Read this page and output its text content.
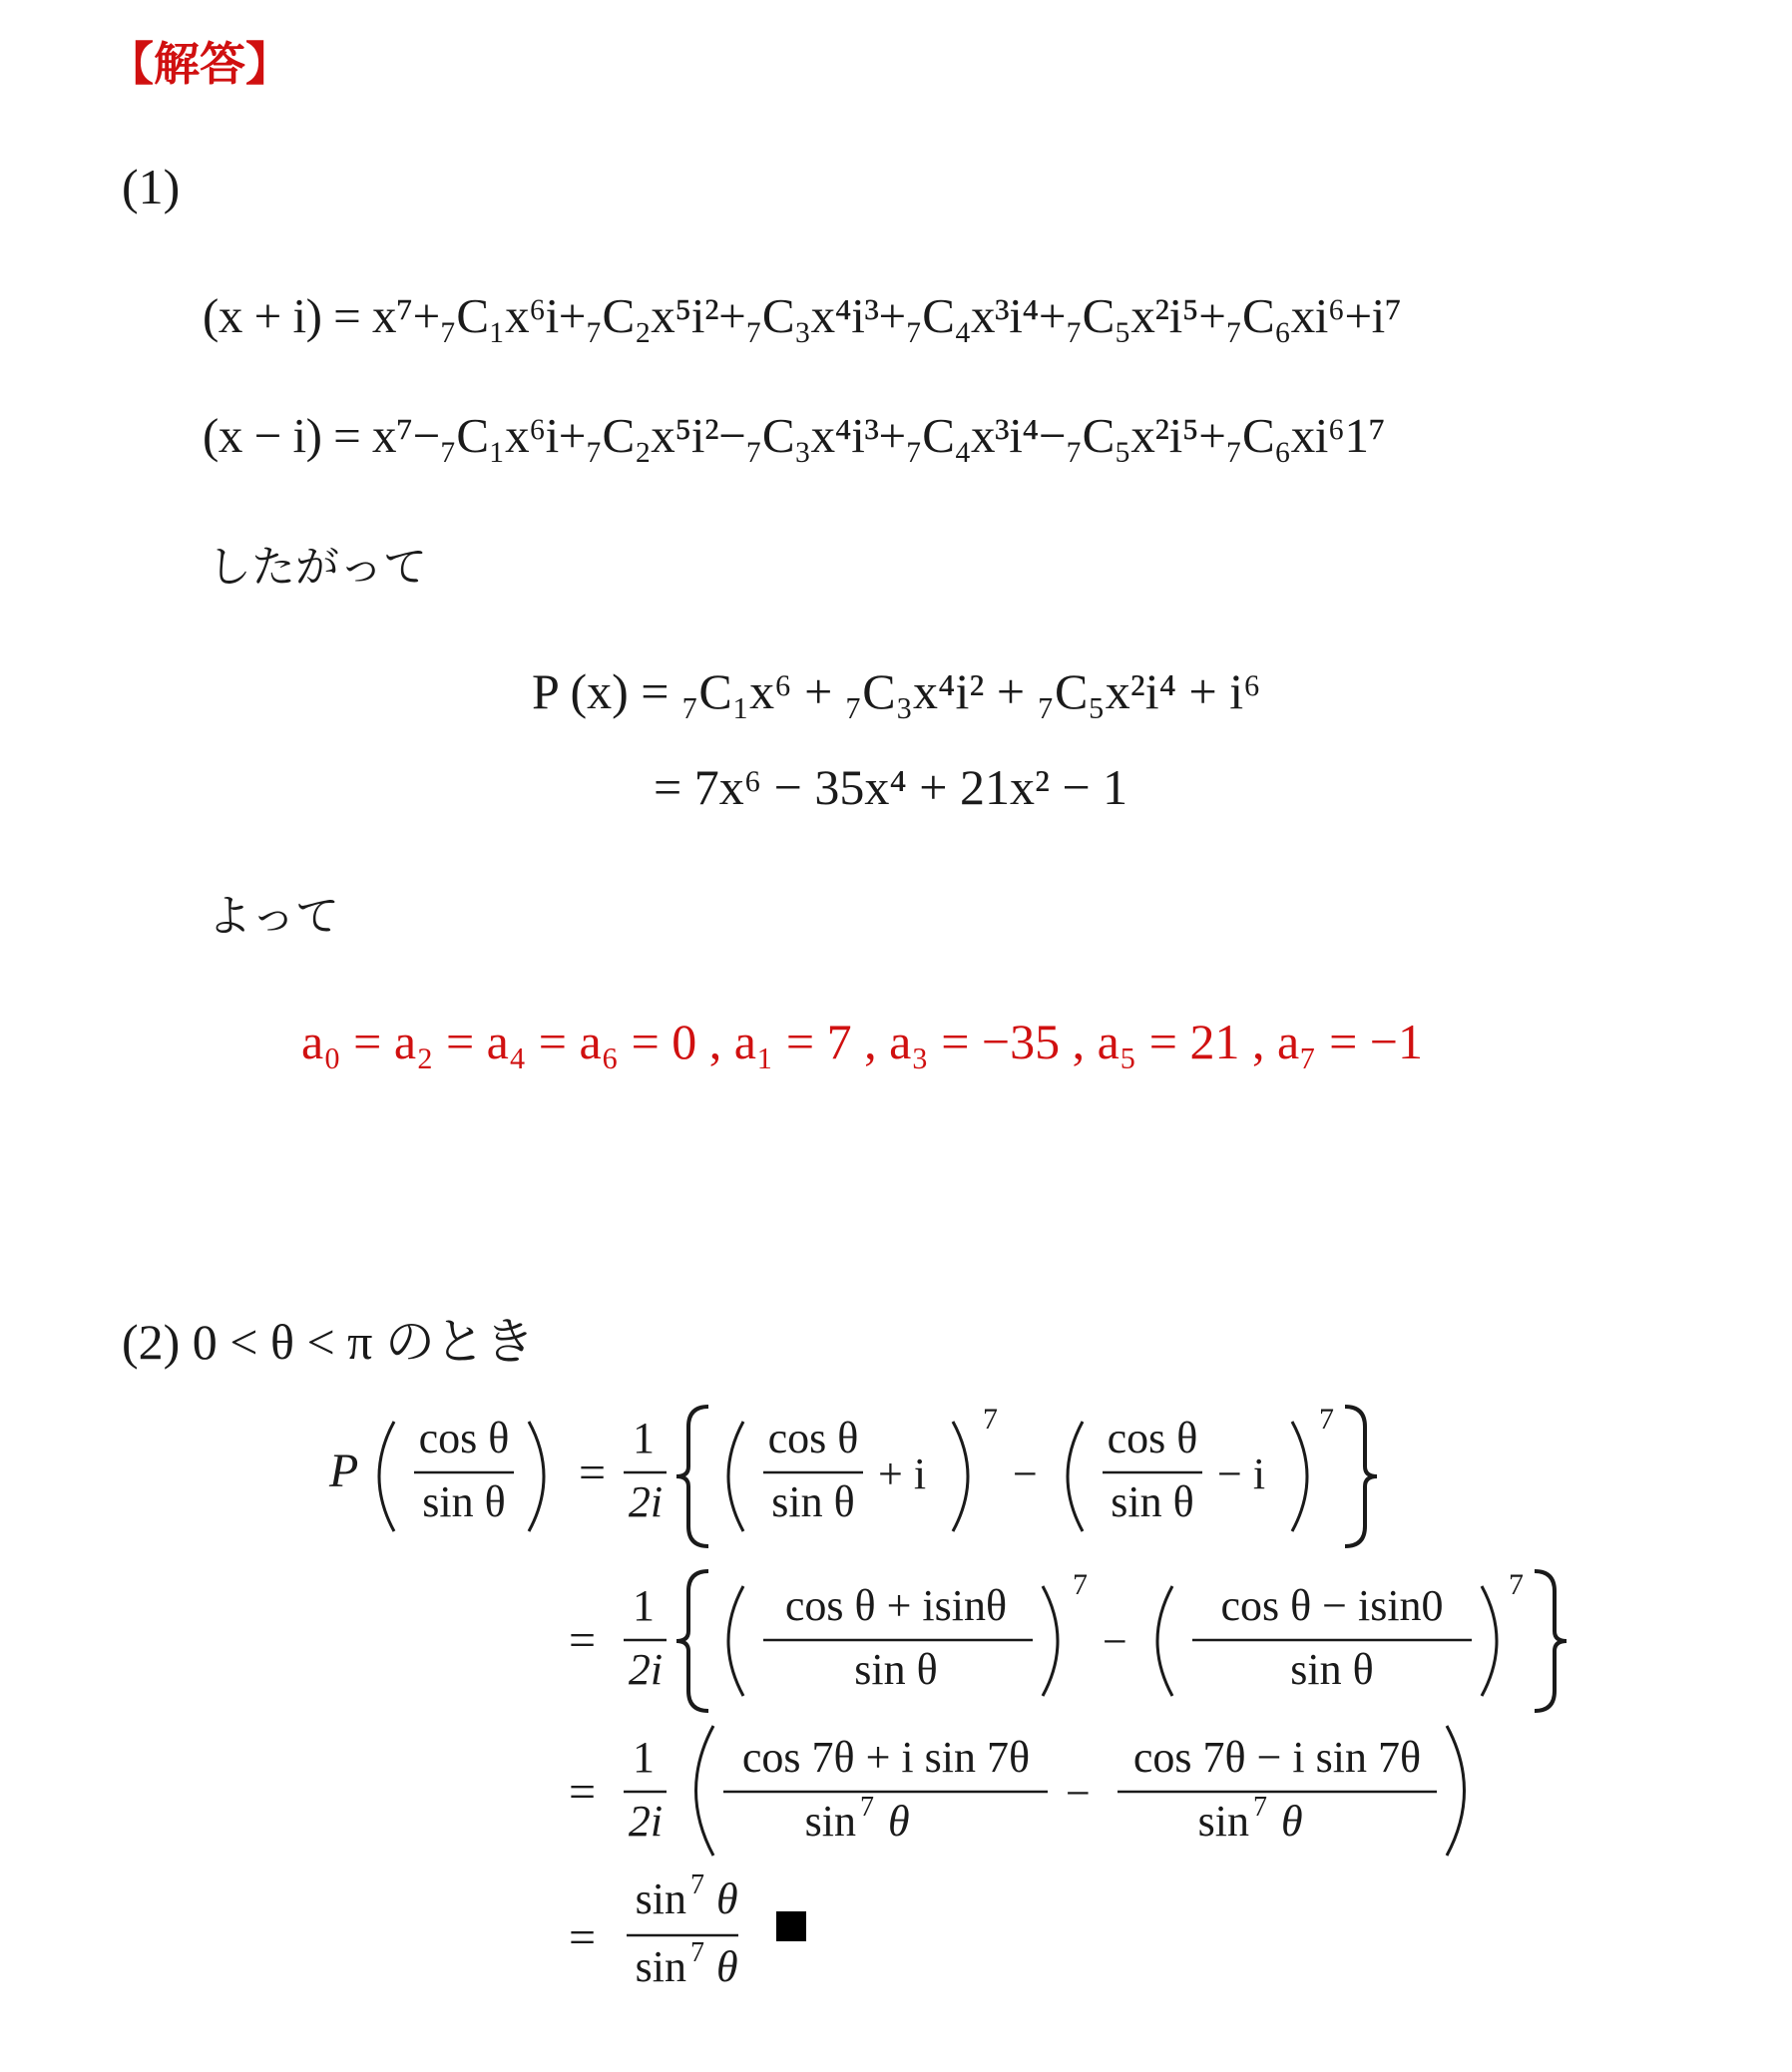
【解答】
(1)
(x + i) = x⁷+₇C₁x⁶i+₇C₂x⁵i²+₇C₃x⁴i³+₇C₄x³i⁴+₇C₅x²i⁵+₇C₆xi⁶+i⁷
(x − i) = x⁷−₇C₁x⁶i+₇C₂x⁵i²−₇C₃x⁴i³+₇C₄x³i⁴−₇C₅x²i⁵+₇C₆xi⁶1⁷
したがって
P (x) = ₇C₁x⁶ + ₇C₃x⁴i² + ₇C₅x²i⁴ + i⁶
= 7x⁶ − 35x⁴ + 21x² − 1
よって
a₀ = a₂ = a₄ = a₆ = 0 , a₁ = 7 , a₃ = −35 , a₅ = 21 , a₇ = −1
(2) 0 < θ < π のとき
P
cos θ
sin θ
=
1
2i
cos θ
sin θ
+ i
7
−
cos θ
sin θ
− i
7
=
1
2i
cos θ + isinθ
sin θ
7
−
cos θ − isin0
sin θ
7
=
1
2i
cos 7θ + i sin 7θ
sin 7 θ
−
cos 7θ − i sin 7θ
sin 7 θ
=
sin 7 θ
sin 7 θ
